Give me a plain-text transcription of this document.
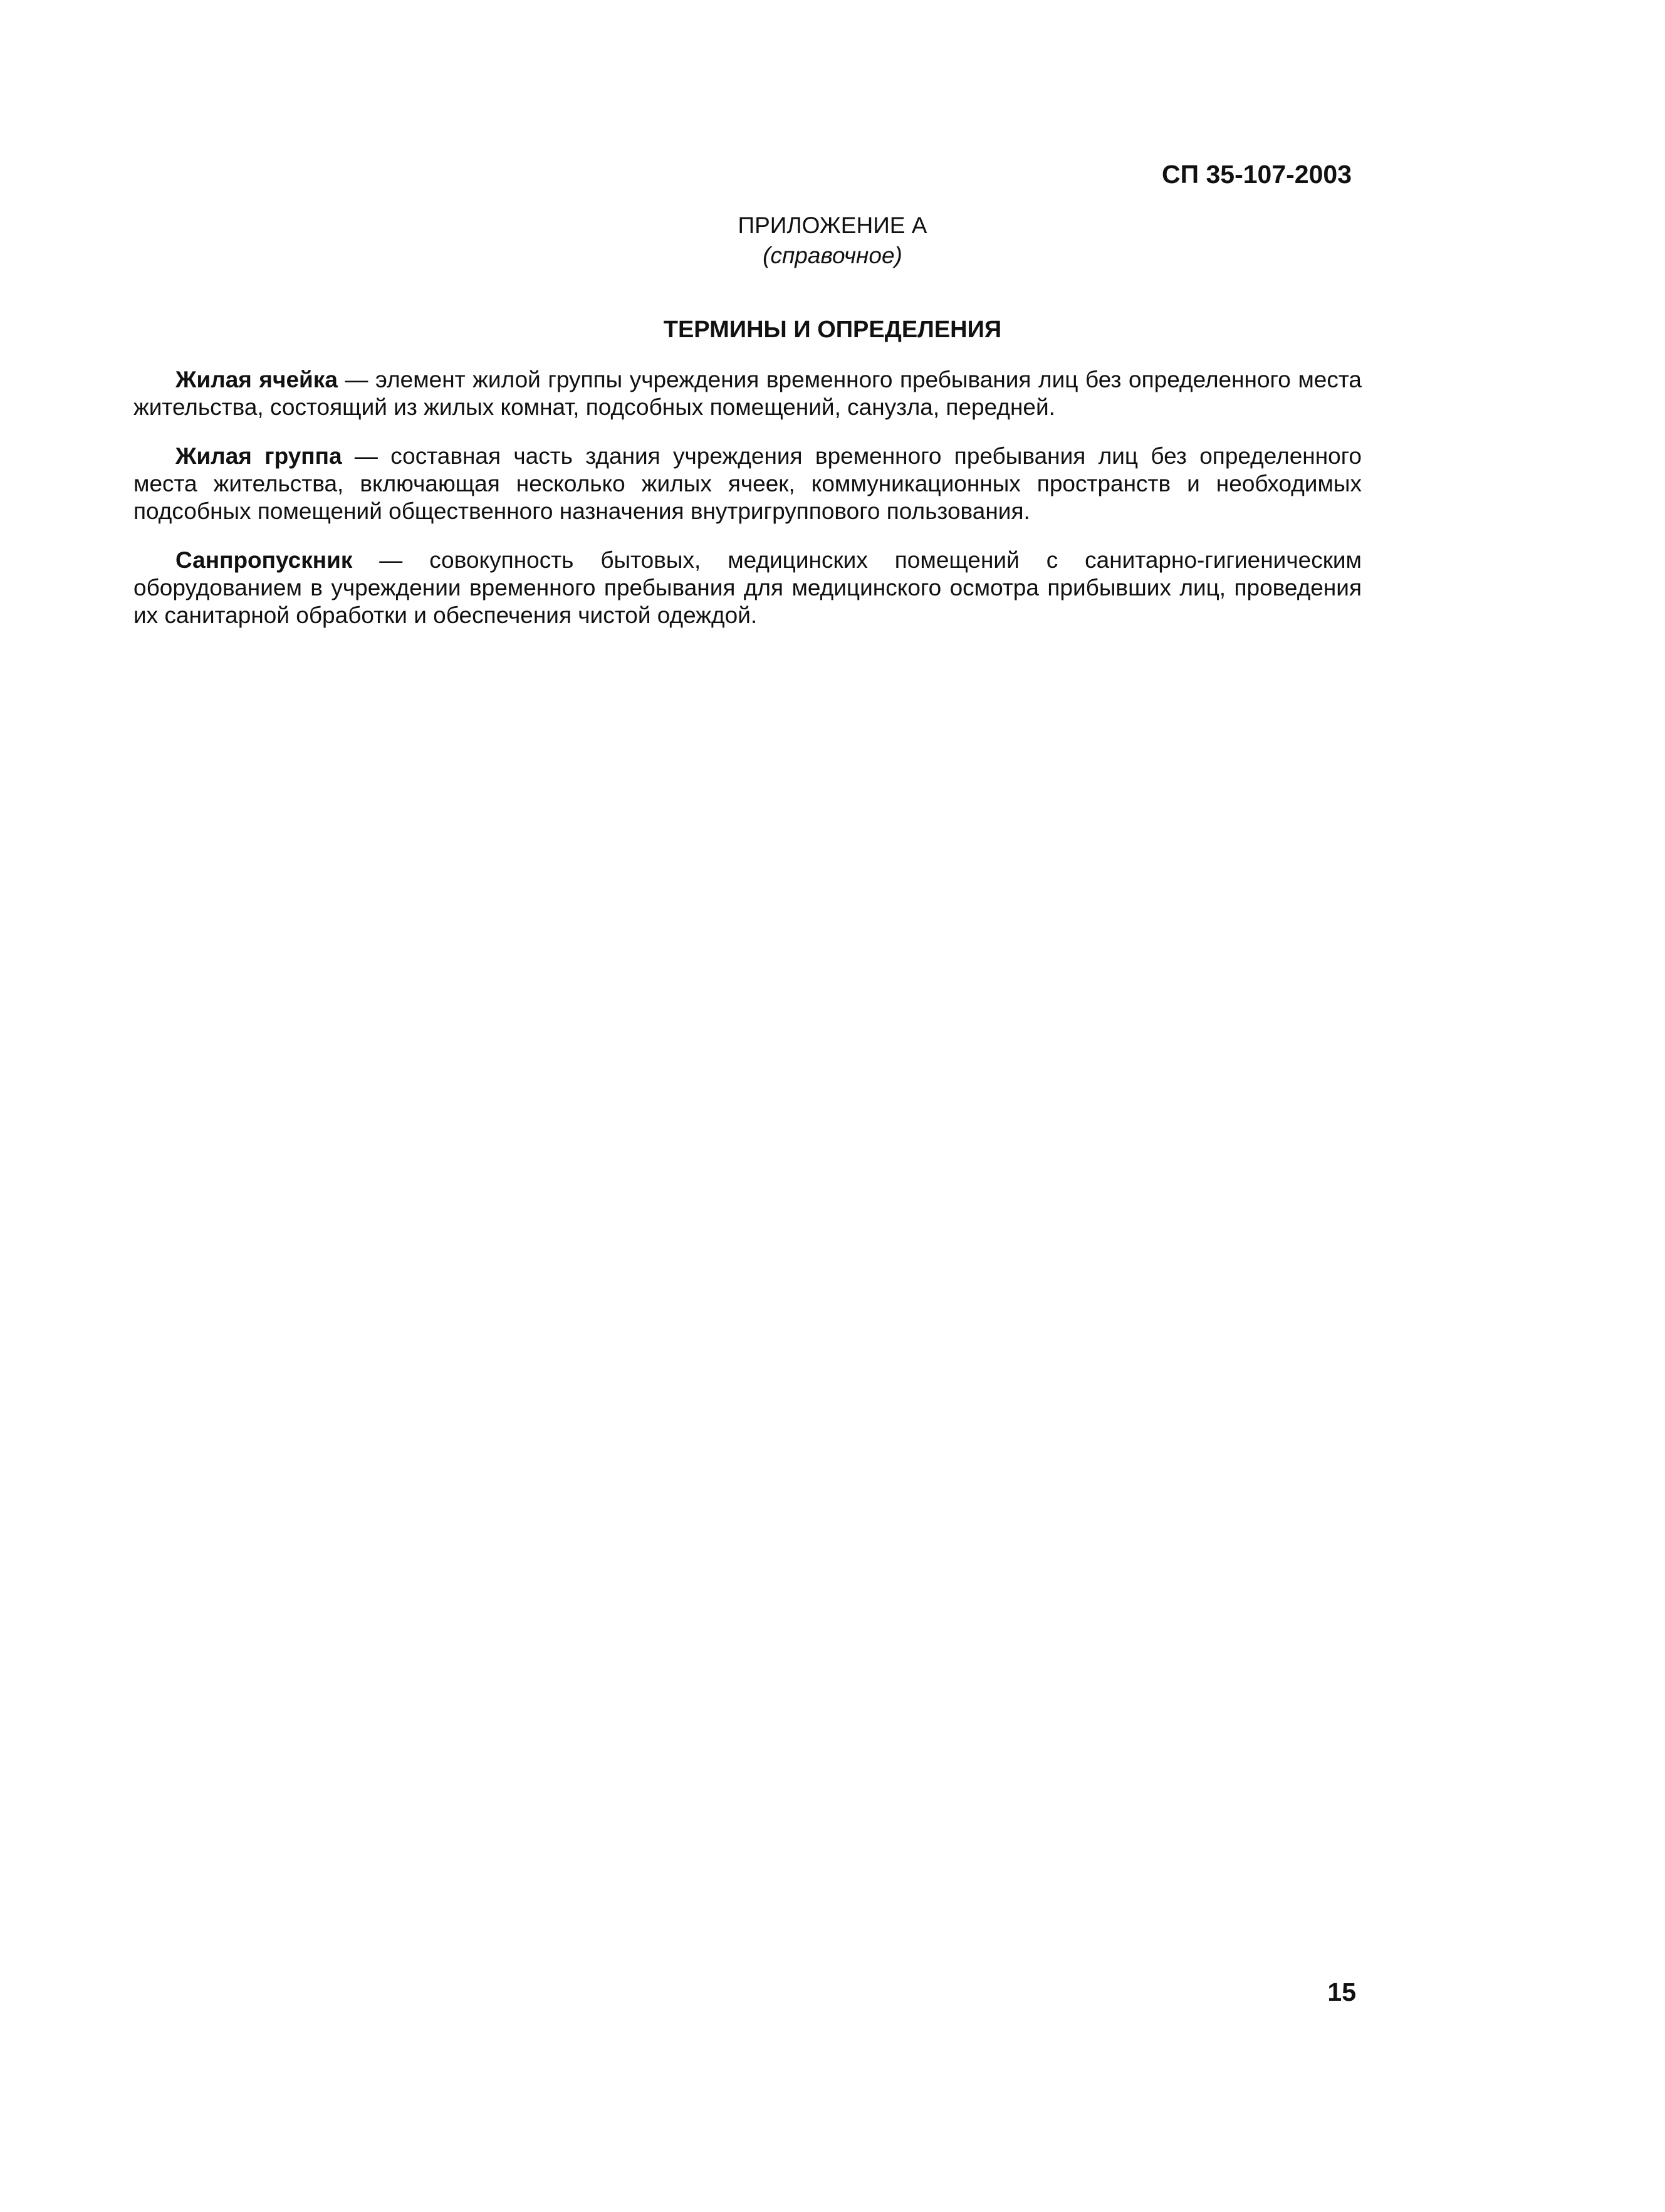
СП 35-107-2003
ПРИЛОЖЕНИЕ А
(справочное)
ТЕРМИНЫ И ОПРЕДЕЛЕНИЯ

Жилая ячейка — элемент жилой группы учреждения временного пребывания лиц без определенного места жительства, состоящий из жилых комнат, подсобных помещений, санузла, передней.

Жилая группа — составная часть здания учреждения временного пребывания лиц без определенного места жительства, включающая несколько жилых ячеек, коммуникационных пространств и необходимых подсобных помещений общественного назначения внутригруппового пользования.

Санпропускник — совокупность бытовых, медицинских помещений с санитарно-гигиеническим оборудованием в учреждении временного пребывания для медицинского осмотра прибывших лиц, проведения их санитарной обработки и обеспечения чистой одеждой.

15
